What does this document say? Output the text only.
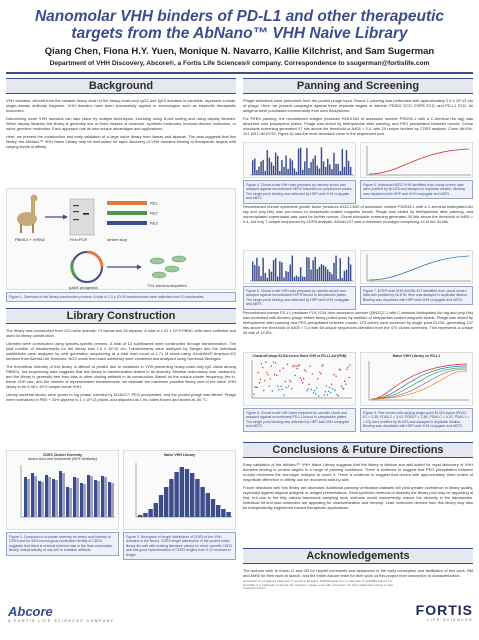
Nanomolar VHH binders of PD-L1 and other therapeutic
targets from the AbNano™ VHH Naive Library
Qiang Chen, Fiona H.Y. Yuen, Monique N. Navarro, Kallie Kilchrist, and Sam Sugerman
Department of VHH Discovery, Abcore®, a Fortis Life Sciences® company. Correspondence to ssugerman@fortislife.com
Background
VHH domains, derived from the variable heavy chain of the heavy-chain-only IgG2 and IgG3 domains in camelids, represent a small, single-domain antibody fragment. VHH domains have been successfully applied to technologies such as bispecific therapeutic molecules.
Discovering novel VHH domains can take place by multiple techniques, including using B-cell sorting and using display libraries. When display libraries, the library is generally one of three classes of molecule: synthetic molecules, immune-derived molecules, or naïve germline molecules. Each approach has its own unique advantages and applications.
Here, we present the construction and early validation of a large naïve library from llamas and alpacas. The data suggests that this library, the AbNano™ VHH Naive Library may be well-suited for rapid discovery of VHH domains binding to therapeutic targets with varying levels of affinity.
PBMCs + mRNA	First PCR
RE1
RE2
RE3
amber stop
pAbX phagemid	TG1 electrocompetent
Figure 1. Overview of the library construction process. A total of 1.0 x 10^10 transformants were collected from 13 sublibraries.
Library Construction
The library was constructed from 123 naïve animals: 73 llamas and 26 alpacas. A total of 1.31 x 10^9 PBMC cells were collected and used for library construction.
Libraries were constructed using species-specific primers. A total of 13 sublibraries were constructed through transformation. The total number of transformants for the library was 1.0 x 10^10 cfu. Transformants were analyzed by Sanger and the individual sublibraries were analyzed by next generation sequencing at a total read count of 1.71 M reads using GenieWiz® Amplicon-EZ services from Azenta Life Sciences. NGS reads from each sublibrary were combined and analyzed using Geneious Biologics.
The theoretical diversity of this library is difficult to predict due to variations in VHH-presenting heavy-chain-only IgG ratios among PBMCs, but sequencing data suggests that this library is transformation-limited in its diversity. Minimal redundancy was measured, and the library is generally free from bias or other cloning artifacts in its construction. Based on the unique cluster frequency, the in-frame VHH rate, and the number of representative transformants, we estimate the maximum possible library size of the naïve VHH library to be 6.48 x 10^9 unique clonal VHH.
Library bacterial stocks were grown to log phase, infected by M13KO7, PEG precipitated, and the pooled phage was titered. Phage were normalized in PBS + 20% glycerol to 1 x 10^13 pfu/mL and aliquoted as 1 mL tubes frozen and stored at -80 °C.
CDR3 Cluster Diversity
Amino Acid and Nucleotide (95% Similarity)
Naïve VHH Library
Figure 2. Comparison of cluster diversity for amino acid identity of CDR3 and for 95% homologous nucleotide identity of CDR3 suggests that there is minimal inherent bias in the final constructed library, independently of any cell or mutation artifacts.
Figure 3. Histogram of length distribution of CDR3 of the VHH domains in the library. CDR3 length distribution of the pooled naïve library fits well with existing literature values for naïve camelid CDR3 and has good representation of CDR3 lengths from 5-22 residues in length.
Abcore
A FORTIS LIFE SCIENCES COMPANY
Panning and Screening
Phage selections were performed from the pooled phage input. Round 1 panning was performed with approximately 2.5 x 10^13 pfu of phage. Here, we present campaigns against three separate targets of interest: PEBS2 ECD, ESPB ECD, and PD-L1 ECD. All antigens were purchased commercially from Acro Biosystems.
For PEBS panning, the recombinant antigen (residues H28-K344 of accession number P05202-2 with a C-terminal His tag) was absorbed onto polystyrene plates. Phage was eluted by triethylamine after panning, and PEG precipitated between rounds. Clonal shockade screening generated 47 hits above the threshold of A405 > 0.4, with 29 unique binders by CDR3 analysis. Clone AbVSb-101 (531 nM EC50, Figure 5) was the most abundant clone in the sequenced pool.
Figure 4. Clonal crude VHH was prepared by osmotic shock and assayed against recombinant HER2 adsorbed on polystyrene plates. The single-point binding was detected by HRP-anti-VHH conjugate and ABTS.
Figure 5. Individual HER2 VHH identified from clonal screen data were purified by Ni-NTA and assayed in duplicate dilution. Binding was visualized with HRP-anti-VHH conjugate and ABTS.
Recombinant human epidermal growth factor (residues A310-C620 of accession number P02533-1 with a C-terminal biotinylated Avi tag and poly-His) was pre-bound to streptavidin-coated magnetic beads. Phage was eluted by triethylamine after panning, and unprecipitated supernatant was used for further rounds. Clonal shockade screening generated 34 hits above the threshold of A405 > 0.4, but only 7 unique sequences by CDR3 analysis. AbVsb-107 was a dominant clonotype comprising 14 of the 34 hits.
Figure 6. Clonal crude VHH was prepared by osmotic shock and assayed against recombinant EGFR bound to streptavidin plates. The single-point binding was detected by HRP-anti-VHH conjugate and ABTS.
Figure 7. EGFR lead VHH AbVSb-107 identified from clonal screen data was purified by Ni-NTA, then was assayed in duplicate dilution. Binding was visualized with HRP-anti-VHH conjugate and ABTS.
Recombinant human PD-L1 (residues F19-Y134 from accession number Q9NZQ7-1 with C-terminal biotinylated Avi tag and poly-His) was incubated with blocked phage before being pulled down by addition of streptavidin-coated magnetic beads. Phage was eluted by triethylamine after panning and PEG-precipitated between rounds. 470 clones were screened by single point ELISA, generating 147 hits above the threshold of A405 > 0.4 with 68 unique sequences identified from the 470 clones screened. This represents a unique hit rate of 14.5%.
Clonal-off-shape ELISA screen Naive VHH vs PD-L1-Avi (PDM)	Naïve VHH Library vs PD-L1
Figure 8. Clonal crude VHH were prepared by osmotic shock and assayed against recombinant PD-L1 bound to streptavidin plates. The single point binding was detected by HRP-anti-VHH conjugate and ABTS.
Figure 9. Five clones with varying single-point ELISA signal (PD40-E1 = 2.38, PD60-2 = 3.43, PD83-F = 2.56, PD90-C = 0.42, PD40-1 = 1.23) were purified by Ni-NTA and assayed in duplicate dilution. Binding was visualized with HRP-anti-VHH conjugate and ABTS.
Conclusions & Future Directions
Early validation of the AbNano™ VHH Naive Library suggests that the library is diverse and well-suited for rapid discovery of VHH domains binding to protein targets in a range of panning conditions. There is evidence to suggest that PEG precipitation between rounds minimizes the clonotype collapse at round 3. There is evidence to suggest that clones with approximately three orders of magnitude difference in affinity can be recovered side-by-side.
Future directions with this library are abundant. Additional panning verification datasets will yield greater confidence in library quality, especially against atypical antigens or antigen presentations. Semi-synthetic methods to diversify the library pool may be appealing at first, but due to the fully natural framework sampling such methods would inadvertently reduce the diversity in the frameworks. Individual hit and lead molecules are appealing for characterization and develop. Lead molecules derived from this library may also be independently engineered toward therapeutic applications.
Acknowledgements
The authors wish to thank JJ and DB for helpful comments and assistance in the early conception and facilitation of this work, BM and AMW for their work at launch, and the entire Abcore team for their work on this project from conception to characterization.
Geneious® is a registered trademark of Geneious Biologics. ACRObiosystems is a trademark of ACROBiosystems Inc. GenieWiz is a trademark of Azenta Life Sciences. Images used with permission. All other trademarks belong to their respective owners.
FORTIS
LIFE SCIENCES
